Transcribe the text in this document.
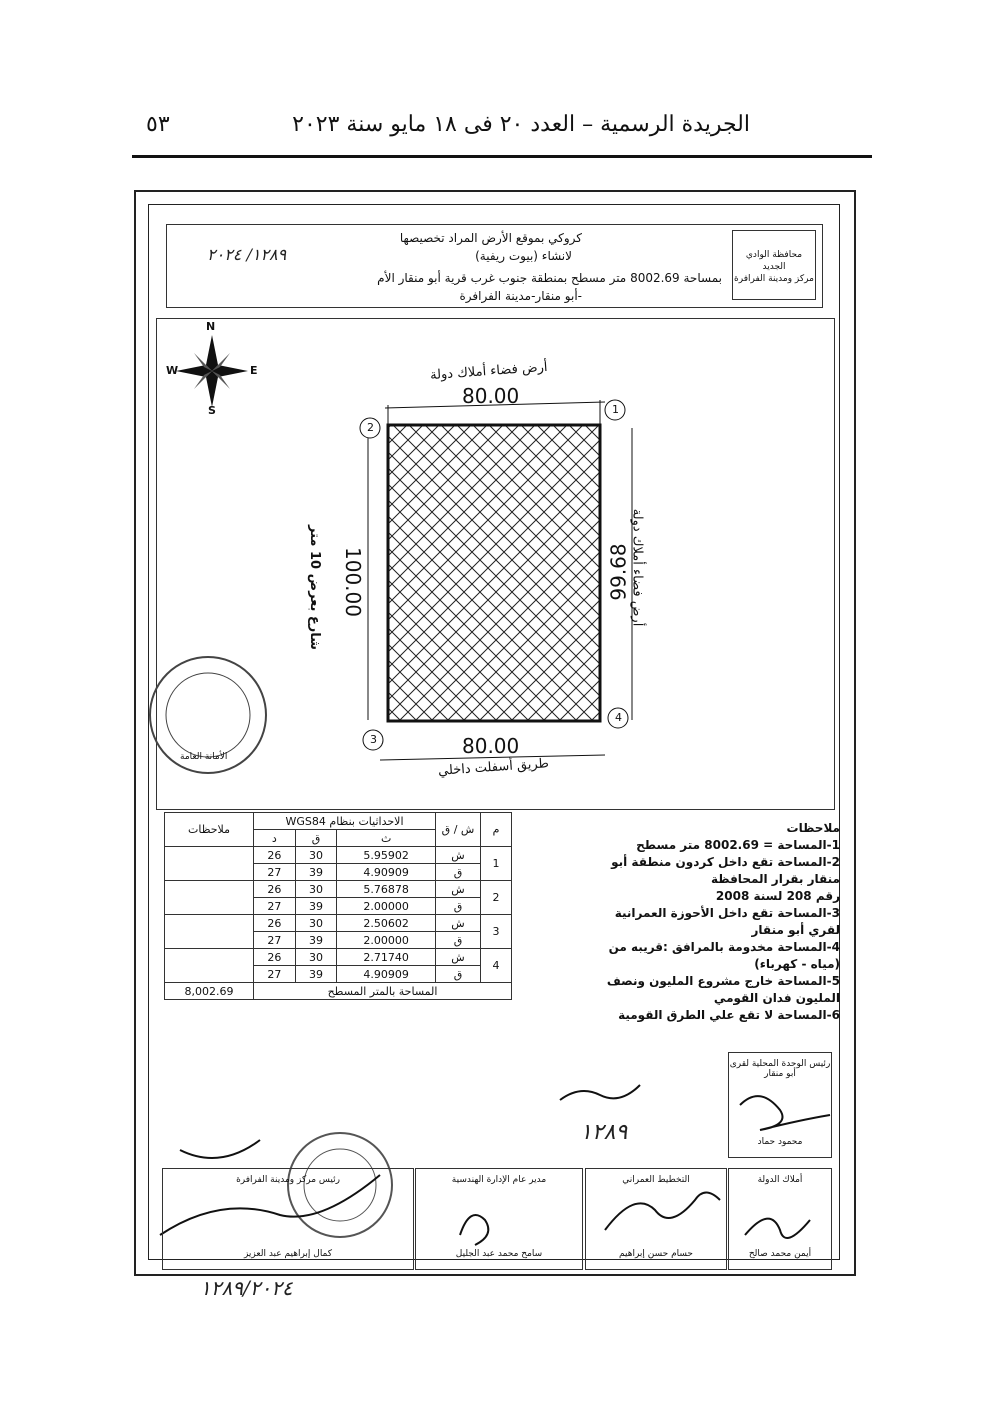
الجريدة الرسمية – العدد ٢٠ فى ١٨ مايو سنة ٢٠٢٣
٥٣
كروكي بموقع الأرض المراد تخصيصها
لانشاء (بيوت ريفية)
١٢٨٩/ ٢٠٢٤
بمساحة 8002.69 متر مسطح بمنطقة جنوب غرب قرية أبو منقار الأم
-أبو منقار-مدينة الفرافرة
محافظة الوادي الجديد
مركز ومدينة الفرافرة
N
S
E
W	أرض فضاء أملاك دولة
80.00
80.00
طريق أسفلت داخلي
100.00	99.68
أرض فضاء أملاك دولة
شارع بعرض 10 متر
2
1
3
4
الأمانة العامة
م	ش / ق	الاحداثيات بنظام WGS84			ملاحظات
		ث	ق	د	
1	ش	5.95902	30	26	
	ق	4.90909	39	27	
2	ش	5.76878	30	26	
	ق	2.00000	39	27	
3	ش	2.50602	30	26	
	ق	2.00000	39	27	
4	ش	2.71740	30	26	
	ق	4.90909	39	27	
المساحة بالمتر المسطح					8,002.69
ملاحظات
1-المساحة = 8002.69 متر مسطح
2-المساحة تقع داخل كردون منطقة أبو منقار بقرار المحافظة
رقم 208 لسنة 2008
3-المساحة تقع داخل الأحوزة العمرانية لقري أبو منقار
4-المساحة مخدومة بالمرافق :قريبه من (مياه - كهرباء)
5-المساحة خارج مشروع المليون ونصف المليون فدان القومي
6-المساحة لا تقع علي الطرق القومية
رئيس الوحدة المحلية لقرى أبو منقار
محمود حماد
١٢٨٩
أملاك الدولة
أيمن محمد صالح
التخطيط العمراني
حسام حسن إبراهيم
مدير عام الإدارة الهندسية
سامح محمد عبد الجليل
رئيس مركز ومدينة الفرافرة
كمال إبراهيم عبد العزيز
١٢٨٩/٢٠٢٤
